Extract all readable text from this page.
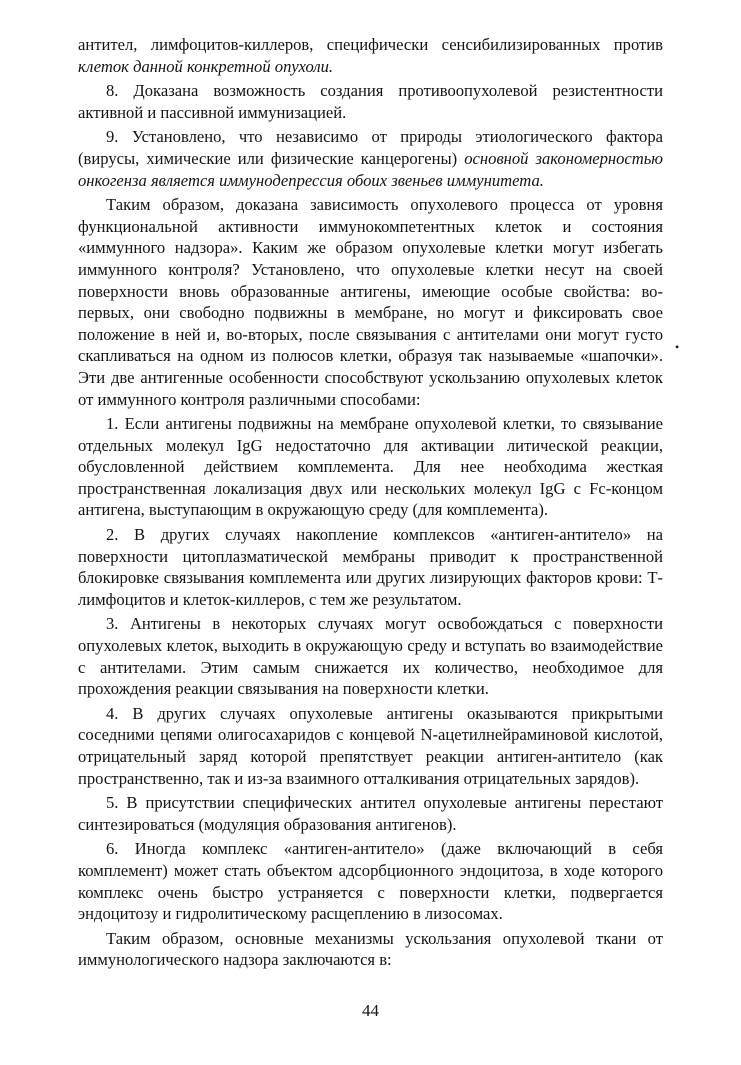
антител, лимфоцитов-киллеров, специфически сенсибилизированных против клеток данной конкретной опухоли.

8. Доказана возможность создания противоопухолевой резистентности активной и пассивной иммунизацией.

9. Установлено, что независимо от природы этиологического фактора (вирусы, химические или физические канцерогены) основной закономерностью онкогенза является иммунодепрессия обоих звеньев иммунитета.

Таким образом, доказана зависимость опухолевого процесса от уровня функциональной активности иммунокомпетентных клеток и состояния «иммунного надзора». Каким же образом опухолевые клетки могут избегать иммунного контроля? Установлено, что опухолевые клетки несут на своей поверхности вновь образованные антигены, имеющие особые свойства: во-первых, они свободно подвижны в мембране, но могут и фиксировать свое положение в ней и, во-вторых, после связывания с антителами они могут густо скапливаться на одном из полюсов клетки, образуя так называемые «шапочки». Эти две антигенные особенности способствуют ускользанию опухолевых клеток от иммунного контроля различными способами:

1. Если антигены подвижны на мембране опухолевой клетки, то связывание отдельных молекул IgG недостаточно для активации литической реакции, обусловленной действием комплемента. Для нее необходима жесткая пространственная локализация двух или нескольких молекул IgG с Fc-концом антигена, выступающим в окружающую среду (для комплемента).

2. В других случаях накопление комплексов «антиген-антитело» на поверхности цитоплазматической мембраны приводит к пространственной блокировке связывания комплемента или других лизирующих факторов крови: Т-лимфоцитов и клеток-киллеров, с тем же результатом.

3. Антигены в некоторых случаях могут освобождаться с поверхности опухолевых клеток, выходить в окружающую среду и вступать во взаимодействие с антителами. Этим самым снижается их количество, необходимое для прохождения реакции связывания на поверхности клетки.

4. В других случаях опухолевые антигены оказываются прикрытыми соседними цепями олигосахаридов с концевой N-ацетилнейраминовой кислотой, отрицательный заряд которой препятствует реакции антиген-антитело (как пространственно, так и из-за взаимного отталкивания отрицательных зарядов).

5. В присутствии специфических антител опухолевые антигены перестают синтезироваться (модуляция образования антигенов).

6. Иногда комплекс «антиген-антитело» (даже включающий в себя комплемент) может стать объектом адсорбционного эндоцитоза, в ходе которого комплекс очень быстро устраняется с поверхности клетки, подвергается эндоцитозу и гидролитическому расщеплению в лизосомах.

Таким образом, основные механизмы ускользания опухолевой ткани от иммунологического надзора заключаются в:

•
44
